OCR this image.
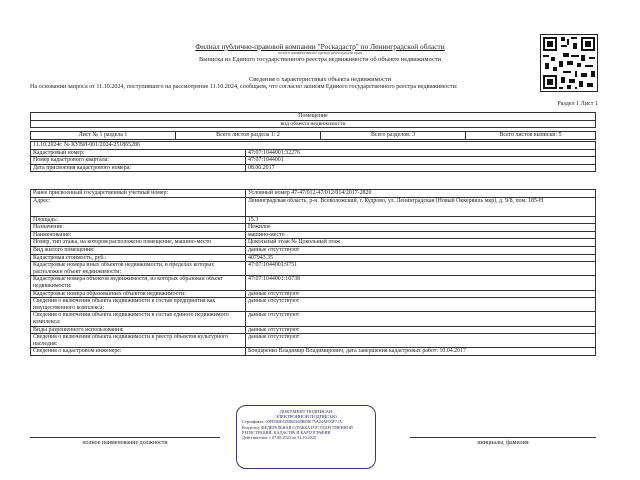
Филиал публично-правовой компании "Роскадастр" по Ленинградской области
полное наименование органа регистрации прав
Выписка из Единого государственного реестра недвижимости об объекте недвижимости
Сведения о характеристиках объекта недвижимости
На основании запроса от 11.10.2024, поступившего на рассмотрение 11.10.2024, сообщаем, что согласно записям Единого государственного реестра недвижимости:
Раздел 1 Лист 1
Помещение
вид объекта недвижимости
Лист № 1 раздела 1	Всего листов раздела 1: 2	Всего разделов: 3	Всего листов выписки: 5
11.10.2024г. № КУВИ-001/2024-251865286	
Кадастровый номер:	47:07:1044001:32276
Номер кадастрового квартала:	47:07:1044001
Дата присвоения кадастрового номера:	08.06.2017
Ранее присвоенный государственный учетный номер:	Условный номер 47-47/012-47/012/014/2017-2820
Адрес:	Ленинградская область, р-н. Всеволожский, г. Кудрово, ул. Ленинградская (Новый Оккервиль мкр), д. 9/8, пом. 185-Н
Площадь:	15.3
Назначение:	Нежилое
Наименование:	машино-место
Номер, тип этажа, на котором расположено помещение, машино-место	Цокольный этаж № Цокольный этаж
Вид жилого помещения:	данные отсутствуют
Кадастровая стоимость, руб.:	407943.35
Кадастровые номера иных объектов недвижимости, в пределах которых расположен объект недвижимости:	47:07:1044001:9751
Кадастровые номера объектов недвижимости, из которых образован объект недвижимости:	47:07:1044001:10738
Кадастровые номера образованных объектов недвижимости:	данные отсутствуют
Сведения о включении объекта недвижимости в состав предприятия как имущественного комплекса:	данные отсутствуют
Сведения о включении объекта недвижимости в состав единого недвижимого комплекса:	данные отсутствуют
Виды разрешенного использования:	данные отсутствуют
Сведения о включении объекта недвижимости в реестр объектов культурного наследия:	данные отсутствуют
Сведения о кадастровом инженере:	Бондаренко Владимир Владимирович, дата завершения кадастровых работ: 10.04.2017
полное наименование должности	инициалы, фамилия
ДОКУМЕНТ ПОДПИСАН
ЭЛЕКТРОННОЙ ПОДПИСЬЮ
Сертификат: 00FD5BECDB60368BE8E75A24AF06F71A
Владелец: ФЕДЕРАЛЬНАЯ СЛУЖБА ГОСУДАРСТВЕННОЙ
РЕГИСТРАЦИИ, КАДАСТРА И КАРТОГРАФИИ
Действителен: с 07.08.2024 по 31.10.2025
